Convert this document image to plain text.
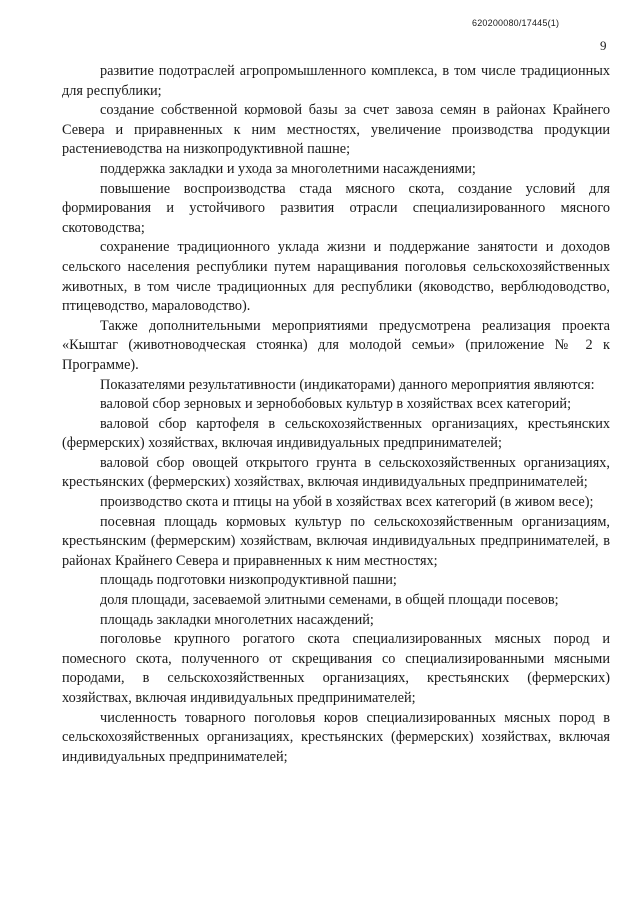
620200080/17445(1)
9

развитие подотраслей агропромышленного комплекса, в том числе традиционных для республики;

создание собственной кормовой базы за счет завоза семян в районах Крайнего Севера и приравненных к ним местностях, увеличение производства продукции растениеводства на низкопродуктивной пашне;

поддержка закладки и ухода за многолетними насаждениями;

повышение воспроизводства стада мясного скота, создание условий для формирования и устойчивого развития отрасли специализированного мясного скотоводства;

сохранение традиционного уклада жизни и поддержание занятости и доходов сельского населения республики путем наращивания поголовья сельскохозяйственных животных, в том числе традиционных для республики (яководство, верблюдоводство, птицеводство, мараловодство).

Также дополнительными мероприятиями предусмотрена реализация проекта «Кыштаг (животноводческая стоянка) для молодой семьи» (приложение № 2 к Программе).

Показателями результативности (индикаторами) данного мероприятия являются:

валовой сбор зерновых и зернобобовых культур в хозяйствах всех категорий;

валовой сбор картофеля в сельскохозяйственных организациях, крестьянских (фермерских) хозяйствах, включая индивидуальных предпринимателей;

валовой сбор овощей открытого грунта в сельскохозяйственных организациях, крестьянских (фермерских) хозяйствах, включая индивидуальных предпринимателей;

производство скота и птицы на убой в хозяйствах всех категорий (в живом весе);

посевная площадь кормовых культур по сельскохозяйственным организациям, крестьянским (фермерским) хозяйствам, включая индивидуальных предпринимателей, в районах Крайнего Севера и приравненных к ним местностях;

площадь подготовки низкопродуктивной пашни;

доля площади, засеваемой элитными семенами, в общей площади посевов;

площадь закладки многолетних насаждений;

поголовье крупного рогатого скота специализированных мясных пород и помесного скота, полученного от скрещивания со специализированными мясными породами, в сельскохозяйственных организациях, крестьянских (фермерских) хозяйствах, включая индивидуальных предпринимателей;

численность товарного поголовья коров специализированных мясных пород в сельскохозяйственных организациях, крестьянских (фермерских) хозяйствах, включая индивидуальных предпринимателей;
